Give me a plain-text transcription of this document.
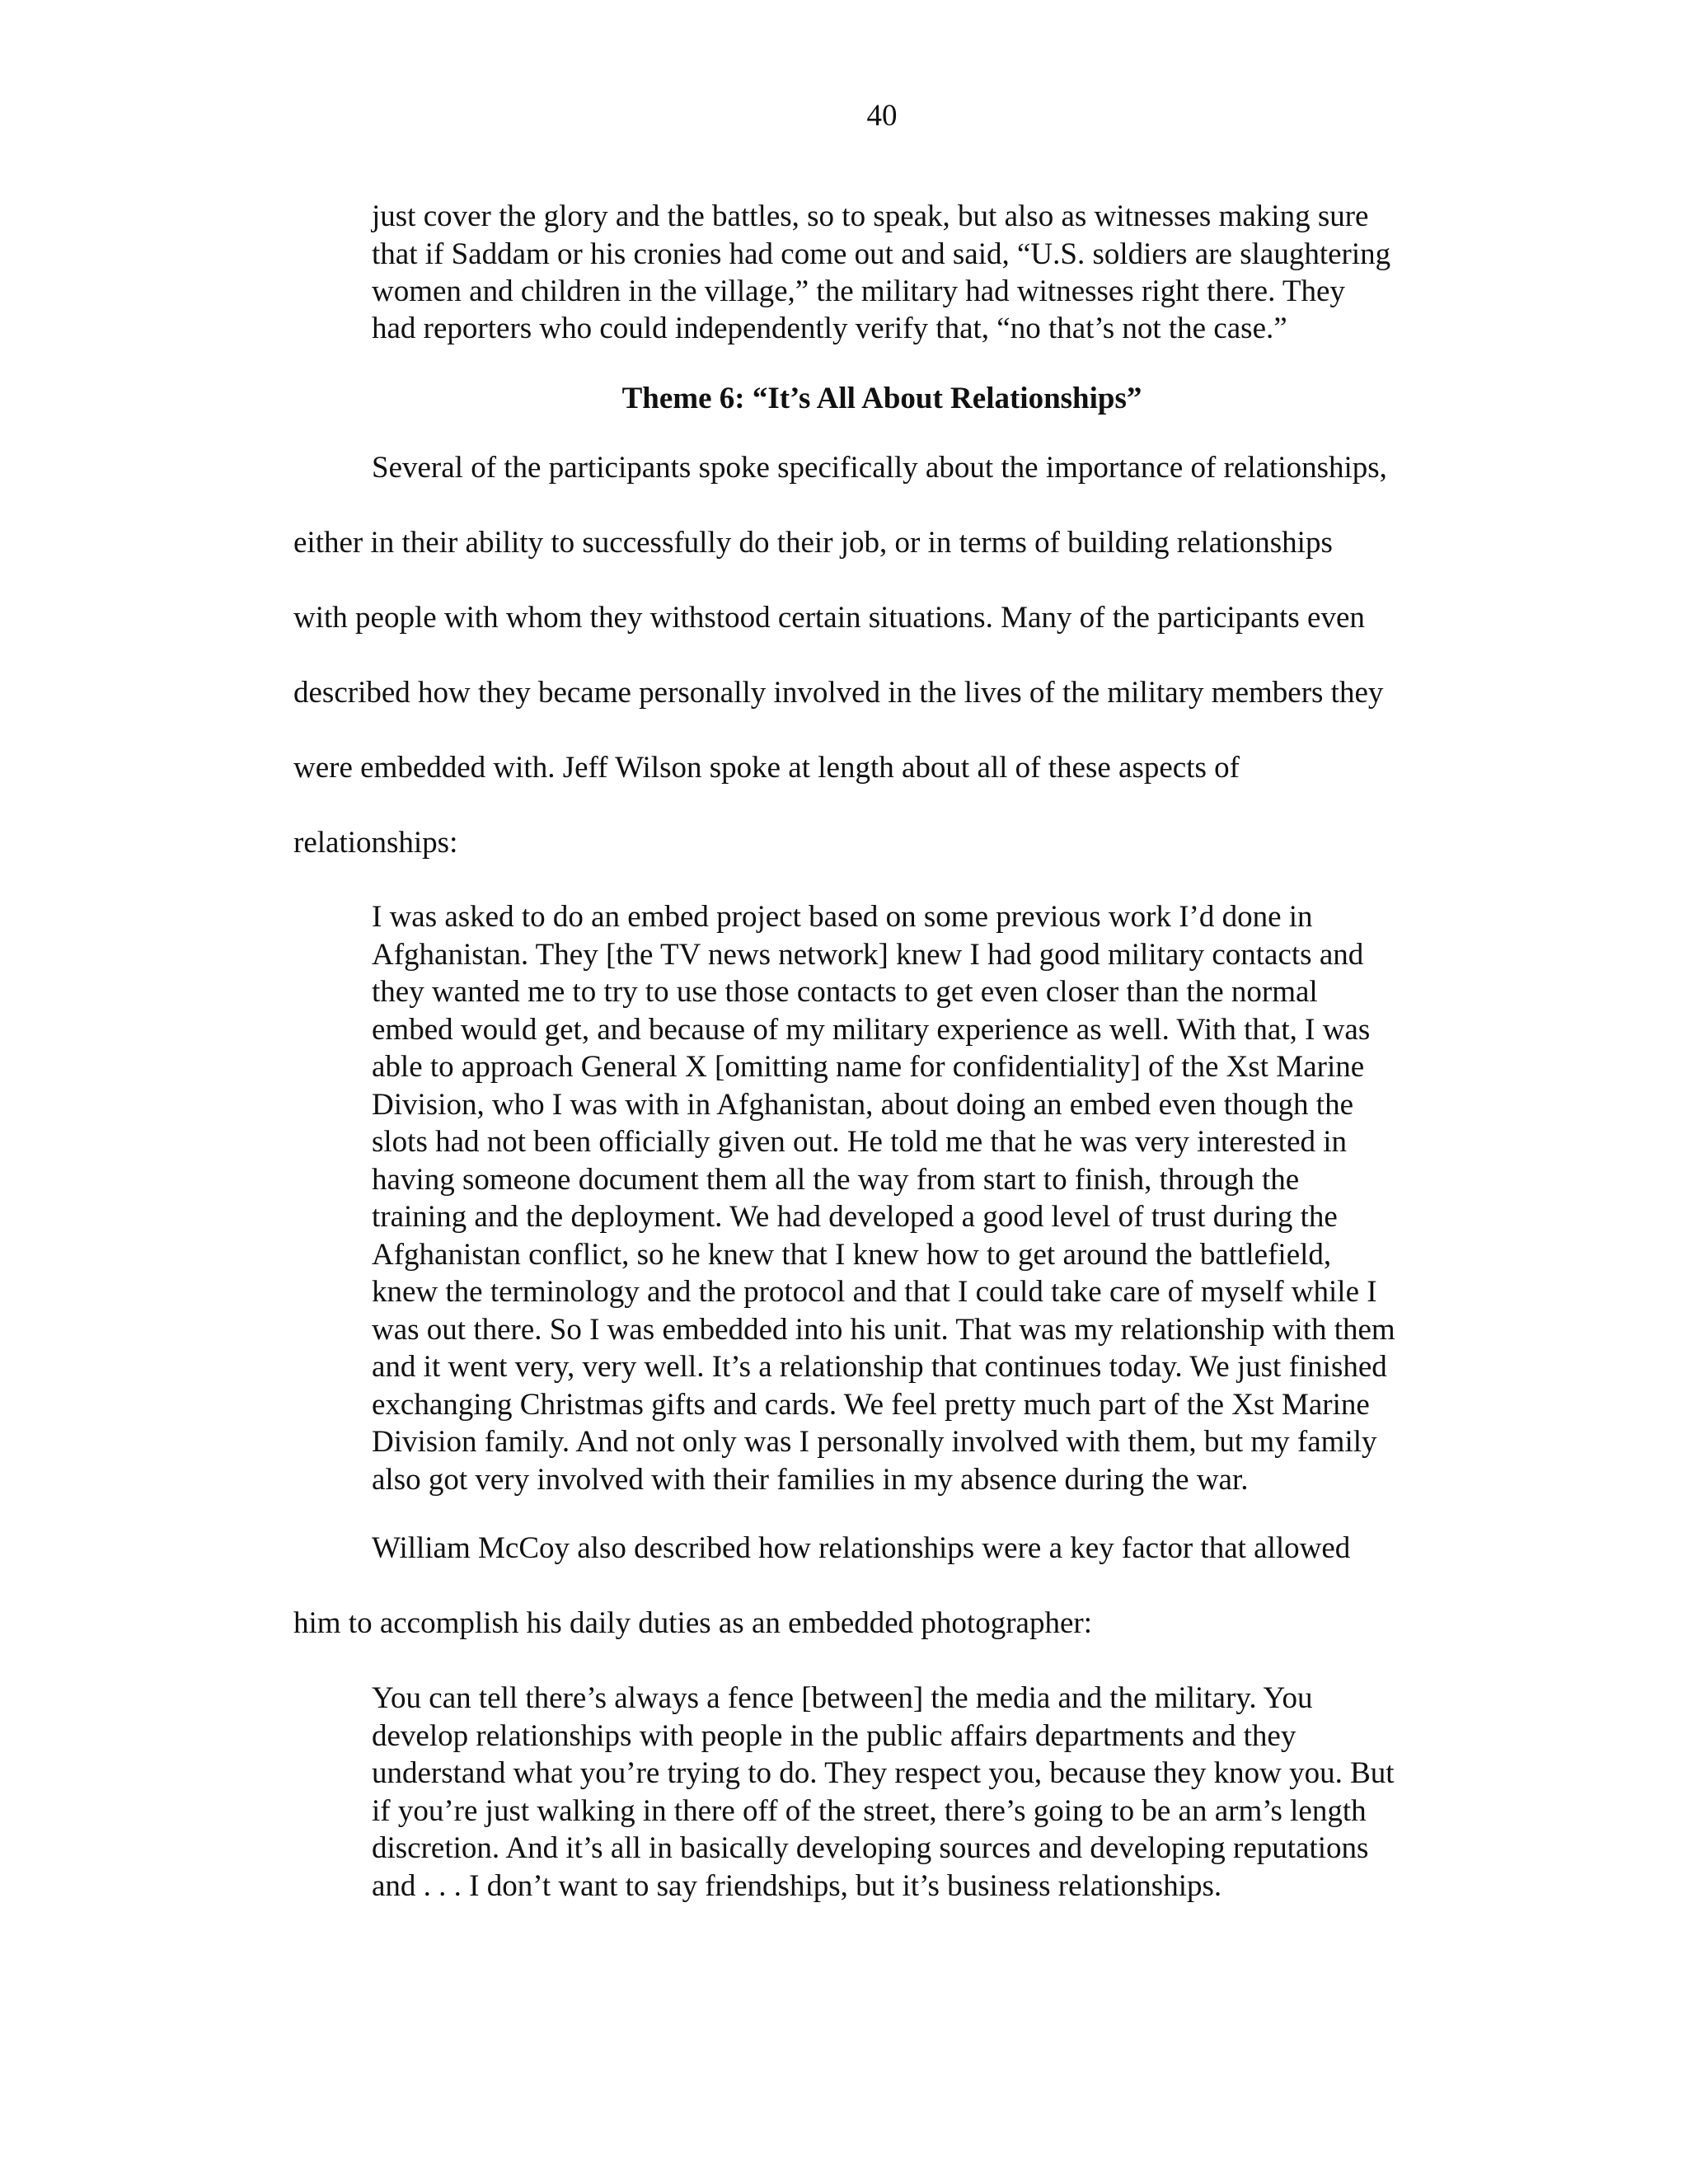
40
just cover the glory and the battles, so to speak, but also as witnesses making sure
that if Saddam or his cronies had come out and said, “U.S. soldiers are slaughtering
women and children in the village,” the military had witnesses right there. They
had reporters who could independently verify that, “no that’s not the case.”
Theme 6: “It’s All About Relationships”
Several of the participants spoke specifically about the importance of relationships,
either in their ability to successfully do their job, or in terms of building relationships
with people with whom they withstood certain situations. Many of the participants even
described how they became personally involved in the lives of the military members they
were embedded with. Jeff Wilson spoke at length about all of these aspects of
relationships:
I was asked to do an embed project based on some previous work I’d done in
Afghanistan. They [the TV news network] knew I had good military contacts and
they wanted me to try to use those contacts to get even closer than the normal
embed would get, and because of my military experience as well. With that, I was
able to approach General X [omitting name for confidentiality] of the Xst Marine
Division, who I was with in Afghanistan, about doing an embed even though the
slots had not been officially given out. He told me that he was very interested in
having someone document them all the way from start to finish, through the
training and the deployment. We had developed a good level of trust during the
Afghanistan conflict, so he knew that I knew how to get around the battlefield,
knew the terminology and the protocol and that I could take care of myself while I
was out there. So I was embedded into his unit. That was my relationship with them
and it went very, very well. It’s a relationship that continues today. We just finished
exchanging Christmas gifts and cards. We feel pretty much part of the Xst Marine
Division family. And not only was I personally involved with them, but my family
also got very involved with their families in my absence during the war.
William McCoy also described how relationships were a key factor that allowed
him to accomplish his daily duties as an embedded photographer:
You can tell there’s always a fence [between] the media and the military. You
develop relationships with people in the public affairs departments and they
understand what you’re trying to do. They respect you, because they know you. But
if you’re just walking in there off of the street, there’s going to be an arm’s length
discretion. And it’s all in basically developing sources and developing reputations
and . . . I don’t want to say friendships, but it’s business relationships.
